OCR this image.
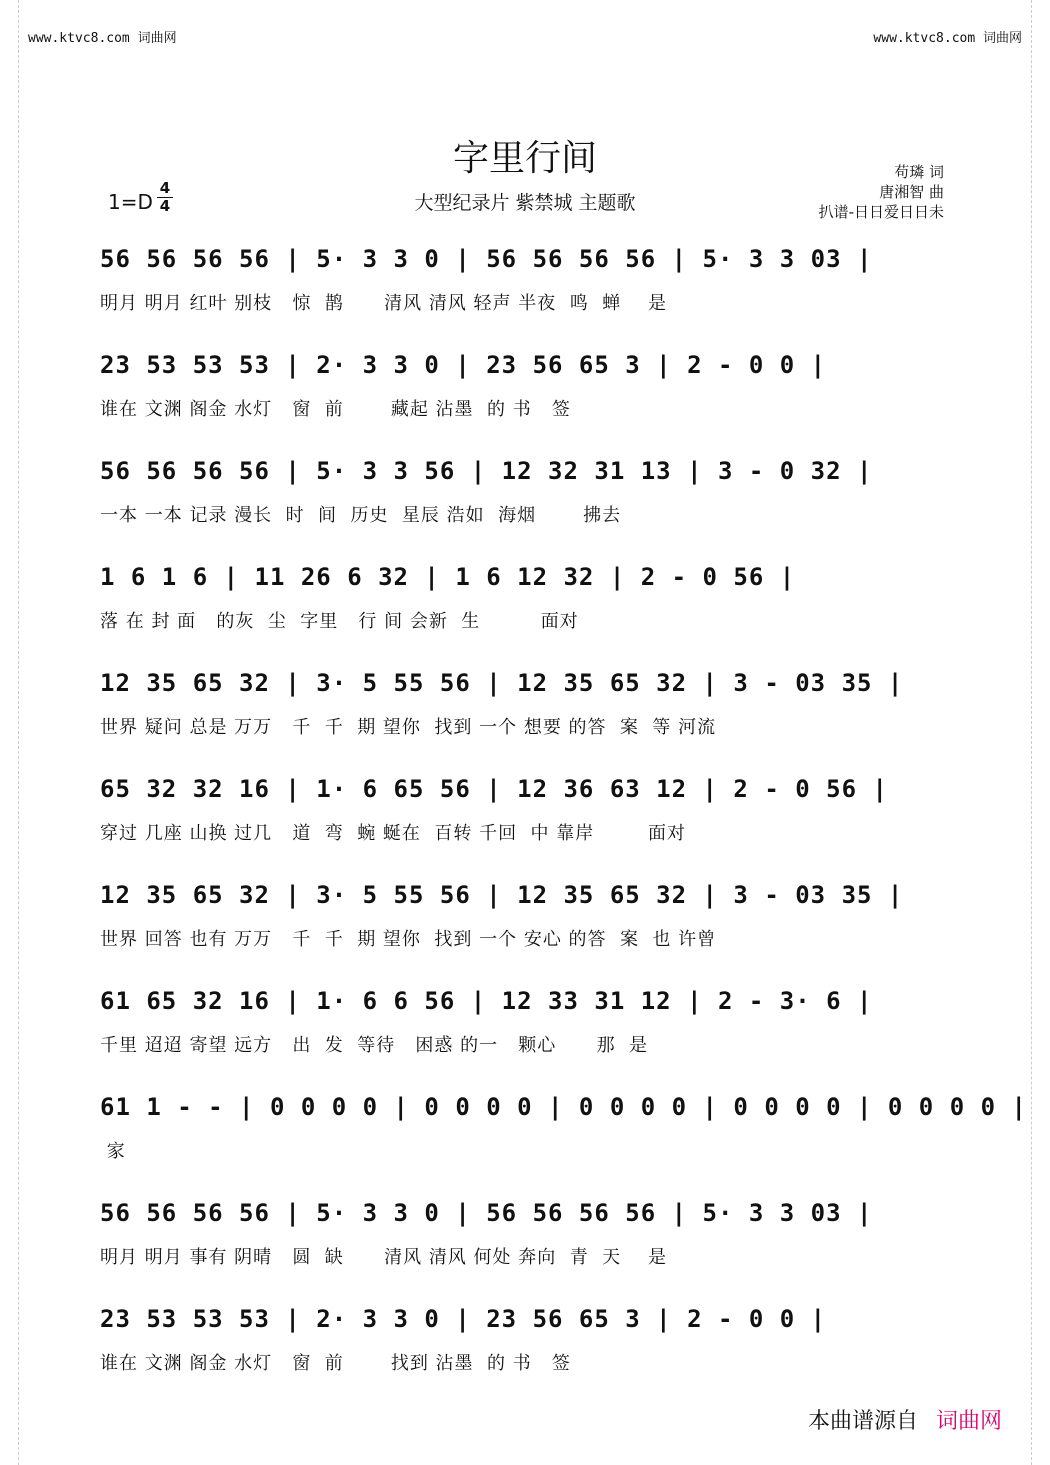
www.ktvc8.com 词曲网	www.ktvc8.com 词曲网
字里行间
大型纪录片 紫禁城 主题歌
1=D
4
4
苟璘 词
唐湘智 曲
扒谱-日日爱日日未
56 56 56 56 | 5· 3 3 0 | 56 56 56 56 | 5· 3 3 03 |
明月 明月 红叶 别枝   惊  鹊      清风 清风 轻声 半夜  鸣  蝉    是
23 53 53 53 | 2· 3 3 0 | 23 56 65 3 | 2 - 0 0 |
谁在 文渊 阁金 水灯   窗  前       藏起 沾墨  的 书   签
56 56 56 56 | 5· 3 3 56 | 12 32 31 13 | 3 - 0 32 |
一本 一本 记录 漫长  时  间  历史  星辰 浩如  海烟       拂去
1 6 1 6 | 11 26 6 32 | 1 6 12 32 | 2 - 0 56 |
落 在 封 面   的灰  尘  字里   行 间 会新  生         面对
12 35 65 32 | 3· 5 55 56 | 12 35 65 32 | 3 - 03 35 |
世界 疑问 总是 万万   千  千  期 望你  找到 一个 想要 的答  案  等 河流
65 32 32 16 | 1· 6 65 56 | 12 36 63 12 | 2 - 0 56 |
穿过 几座 山换 过几   道  弯  蜿 蜒在  百转 千回  中 靠岸        面对
12 35 65 32 | 3· 5 55 56 | 12 35 65 32 | 3 - 03 35 |
世界 回答 也有 万万   千  千  期 望你  找到 一个 安心 的答  案  也 许曾
61 65 32 16 | 1· 6 6 56 | 12 33 31 12 | 2 - 3· 6 |
千里 迢迢 寄望 远方   出  发  等待   困惑 的一   颗心      那  是
61 1 - - | 0 0 0 0 | 0 0 0 0 | 0 0 0 0 | 0 0 0 0 | 0 0 0 0 |
家
56 56 56 56 | 5· 3 3 0 | 56 56 56 56 | 5· 3 3 03 |
明月 明月 事有 阴晴   圆  缺      清风 清风 何处 奔向  青  天    是
23 53 53 53 | 2· 3 3 0 | 23 56 65 3 | 2 - 0 0 |
谁在 文渊 阁金 水灯   窗  前       找到 沾墨  的 书   签
本曲谱源自 词曲网
